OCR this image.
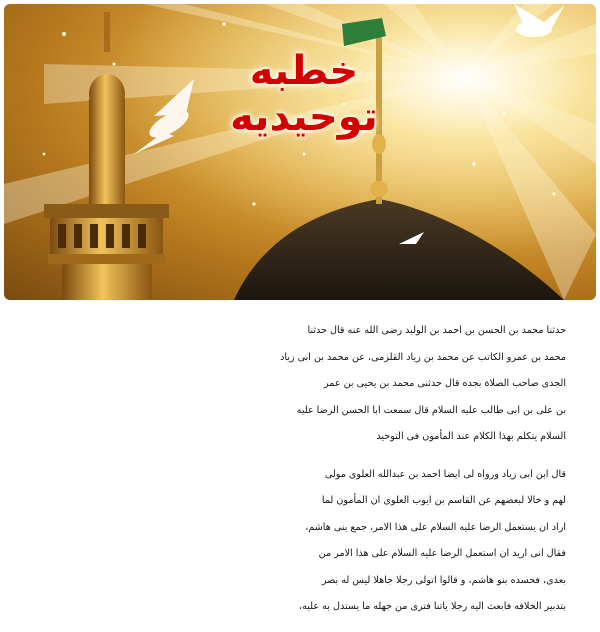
خطبه
توحیدیه
حدثنا محمد بن الحسن بن احمد بن الولید رضی الله عنه قال حدثنا
محمد بن عمرو الکاتب عن محمد بن زیاد القلزمی، عن محمد بن ابی زیاد
الجدی صاحب الصلاة بجده قال حدثنی محمد بن یحیی بن عمر
بن علی بن ابی طالب علیه السلام قال سمعت ابا الحسن الرضا علیه
السلام یتکلم بهذا الکلام عند المأمون فی التوحید
قال ابن ابی زیاد ورواه لی ایضا احمد بن عبدالله العلوی مولی
لهم و خالا لبعضهم عن القاسم بن ایوب العلوی ان المأمون لما
اراد ان یستعمل الرضا علیه السلام علی هذا الامر، جمع بنی هاشم،
فقال انی ارید ان استعمل الرضا علیه السلام علی هذا الامر من
بعدی، فحسده بنو هاشم، و قالوا اتولی رجلا جاهلا لیس له بصر
بتدبیر الخلافه فابعث الیه رجلا یاتنا فتری من جهله ما یستدل به علیه،
